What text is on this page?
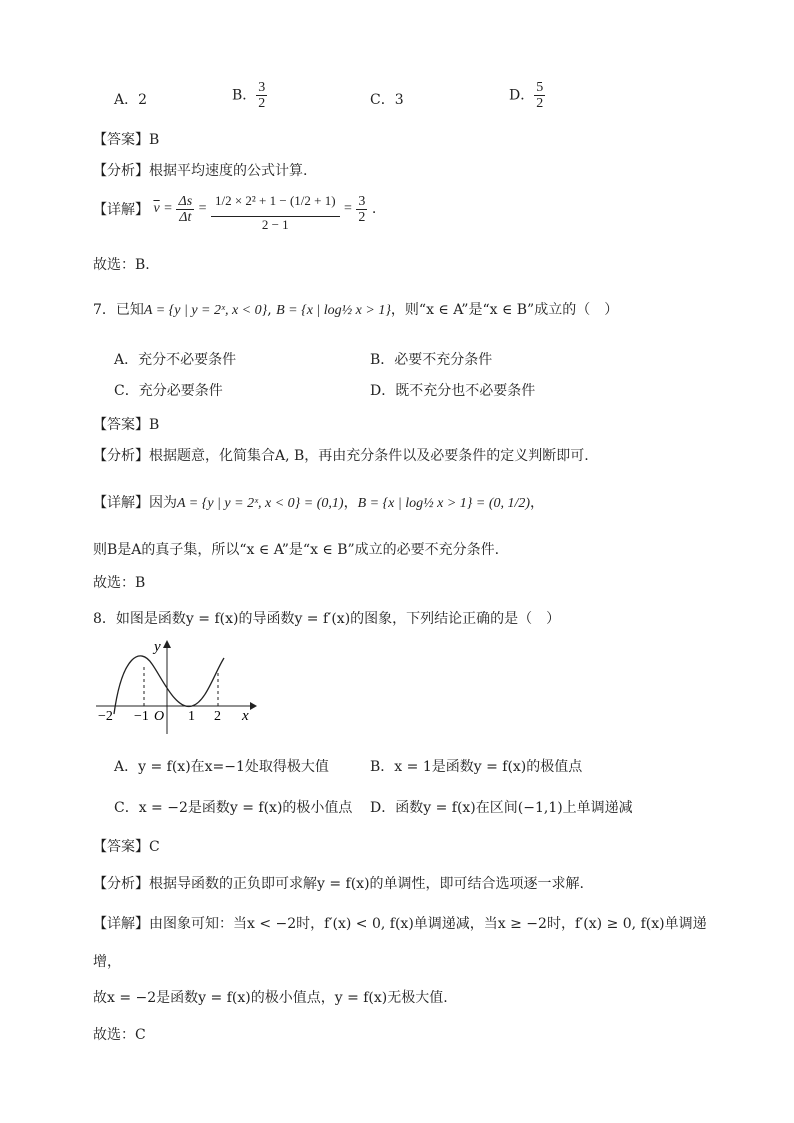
A．2	B． $\frac{3}{2}$	C．3	D． $\frac{5}{2}$
【答案】B
【分析】根据平均速度的公式计算.
【详解】 $\overline{v} = \frac{\Delta s}{\Delta t} = \frac{\text{1/2 × 2² + 1 − (1/2 + 1)}}{2 - 1} = \frac{3}{2}$ .
故选：B.
7．已知A = {y | y = 2ˣ, x < 0}, B = {x | log½ x > 1}，则“x ∈ A”是“x ∈ B”成立的（　）
A．充分不必要条件	B．必要不充分条件
C．充分必要条件	D．既不充分也不必要条件
【答案】B
【分析】根据题意，化简集合A, B，再由充分条件以及必要条件的定义判断即可.
【详解】因为A = {y | y = 2ˣ, x < 0} = (0,1)，B = {x | log½ x > 1} = (0, 1/2)，
则B是A的真子集，所以“x ∈ A”是“x ∈ B”成立的必要不充分条件.
故选：B
8．如图是函数y = f(x)的导函数y = f′(x)的图象，下列结论正确的是（　）
y
x
−2 −1 O 1 2
A．y = f(x)在x=−1处取得极大值	B．x = 1是函数y = f(x)的极值点
C．x = −2是函数y = f(x)的极小值点 D．函数y = f(x)在区间(−1,1)上单调递减
【答案】C
【分析】根据导函数的正负即可求解y = f(x)的单调性，即可结合选项逐一求解.
【详解】由图象可知：当x < −2时，f′(x) < 0, f(x)单调递减，当x ≥ −2时，f′(x) ≥ 0, f(x)单调递
增，
故x = −2是函数y = f(x)的极小值点，y = f(x)无极大值.
故选：C
